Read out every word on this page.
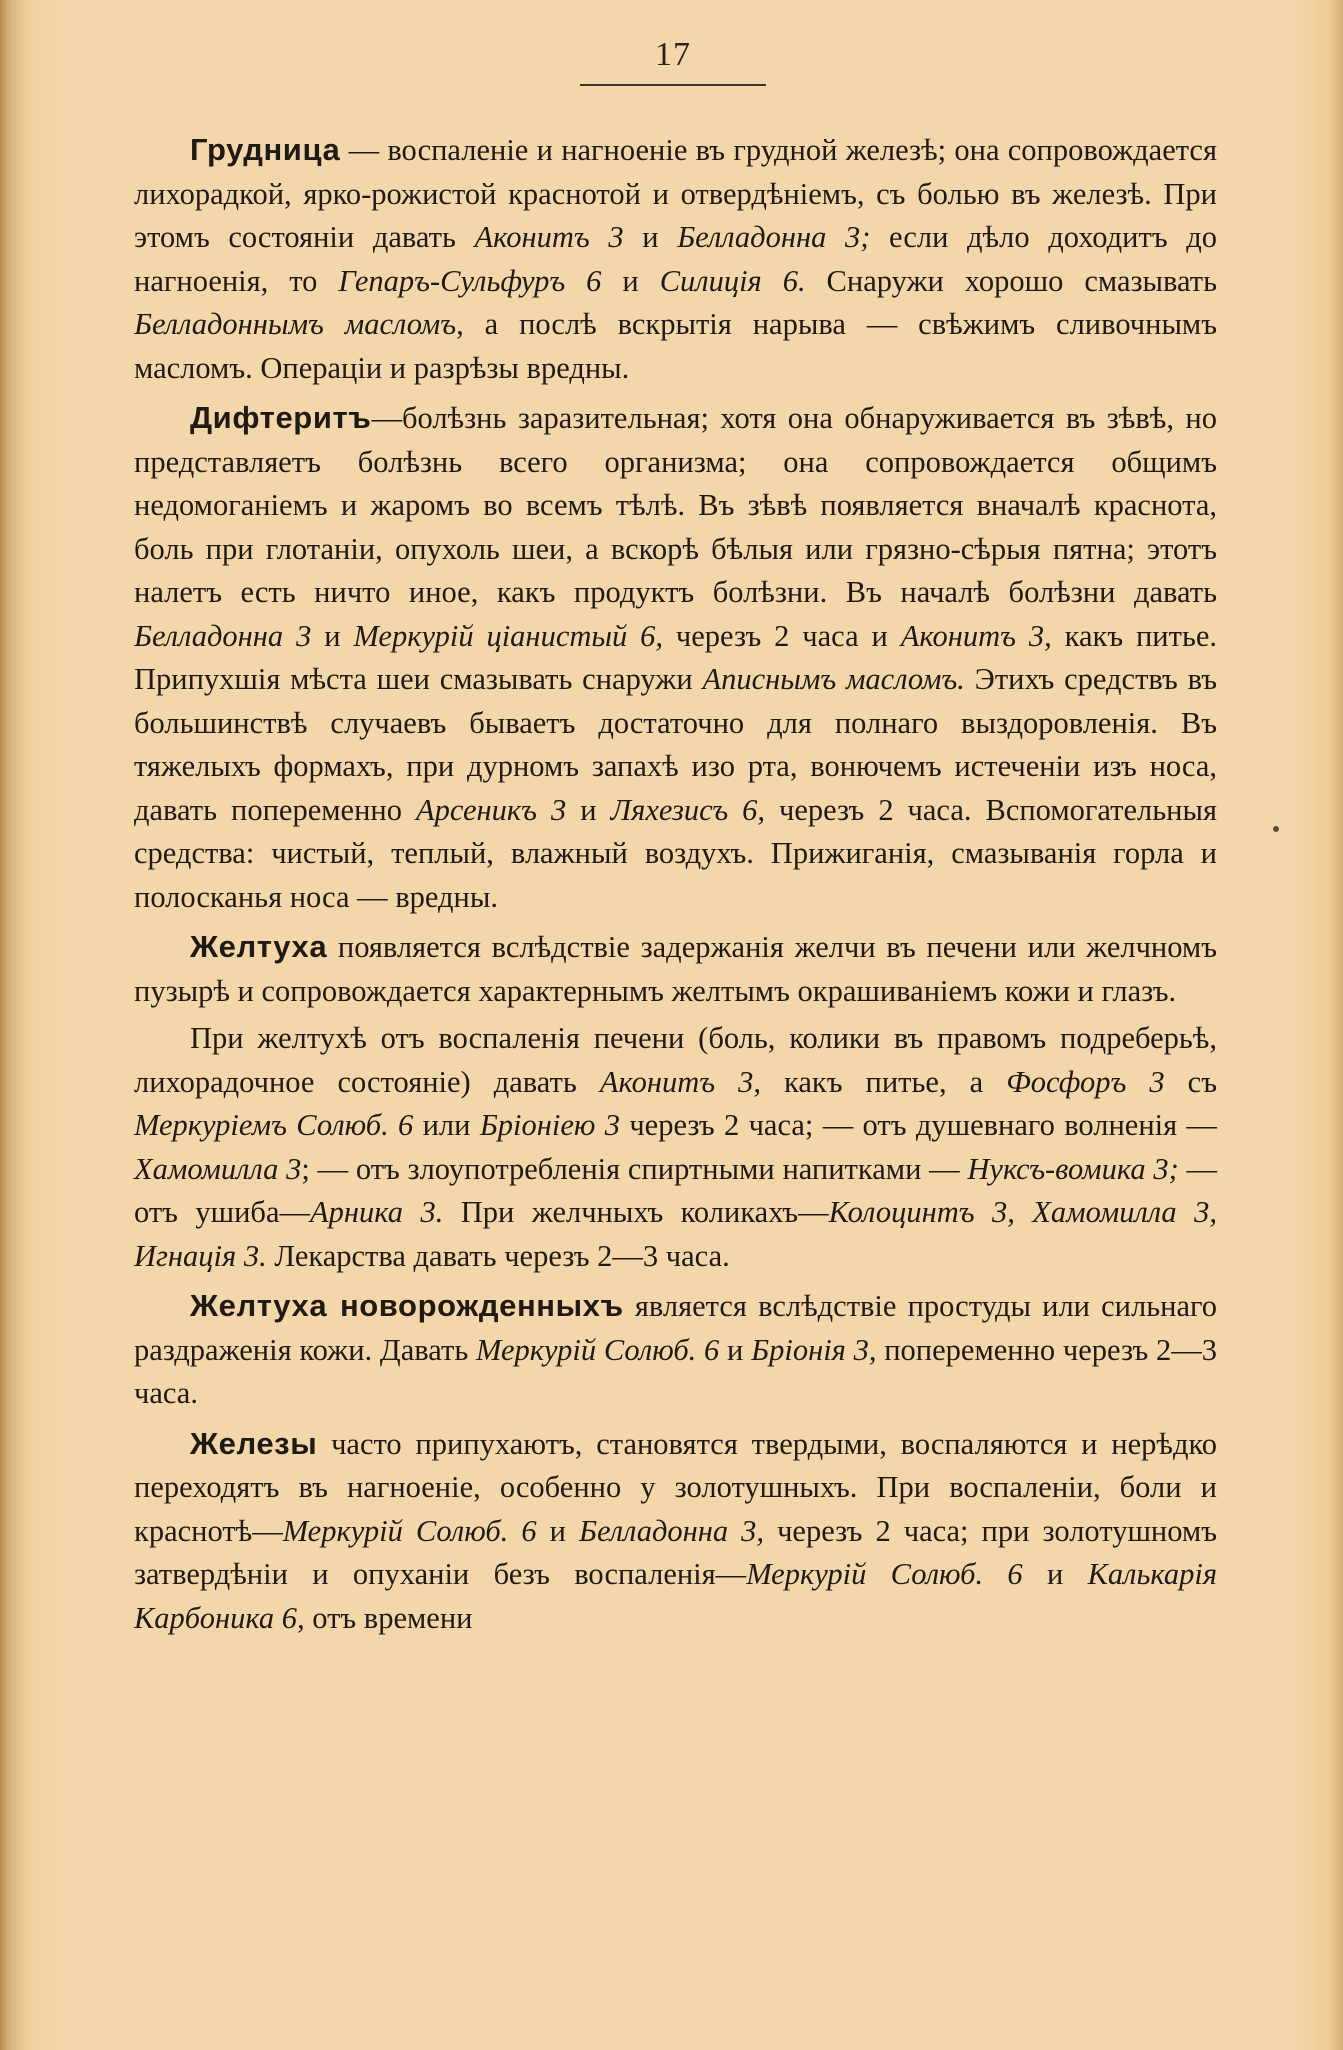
17

Грудница — воспаленіе и нагноеніе въ грудной железѣ; она сопровождается лихорадкой, ярко-рожистой краснотой и отвердѣніемъ, съ болью въ железѣ. При этомъ состояніи давать Аконитъ 3 и Белладонна 3; если дѣло доходитъ до нагноенія, то Гепаръ-Сульфуръ 6 и Силиція 6. Снаружи хорошо смазывать Белладоннымъ масломъ, а послѣ вскрытія нарыва — свѣжимъ сливочнымъ масломъ. Операціи и разрѣзы вредны.

Дифтеритъ—болѣзнь заразительная; хотя она обнаруживается въ зѣвѣ, но представляетъ болѣзнь всего организма; она сопровождается общимъ недомоганіемъ и жаромъ во всемъ тѣлѣ. Въ зѣвѣ появляется вначалѣ краснота, боль при глотаніи, опухоль шеи, а вскорѣ бѣлыя или грязно-сѣрыя пятна; этотъ налетъ есть ничто иное, какъ продуктъ болѣзни. Въ началѣ болѣзни давать Белладонна 3 и Меркурій ціанистый 6, черезъ 2 часа и Аконитъ 3, какъ питье. Припухшія мѣста шеи смазывать снаружи Аписнымъ масломъ. Этихъ средствъ въ большинствѣ случаевъ бываетъ достаточно для полнаго выздоровленія. Въ тяжелыхъ формахъ, при дурномъ запахѣ изо рта, вонючемъ истеченіи изъ носа, давать попеременно Арсеникъ 3 и Ляхезисъ 6, черезъ 2 часа. Вспомогательныя средства: чистый, теплый, влажный воздухъ. Прижиганія, смазыванія горла и полосканья носа — вредны.

Желтуха появляется вслѣдствіе задержанія желчи въ печени или желчномъ пузырѣ и сопровождается характернымъ желтымъ окрашиваніемъ кожи и глазъ.

При желтухѣ отъ воспаленія печени (боль, колики въ правомъ подреберьѣ, лихорадочное состояніе) давать Аконитъ 3, какъ питье, а Фосфоръ 3 съ Меркуріемъ Солюб. 6 или Бріоніею 3 черезъ 2 часа; — отъ душевнаго волненія — Хамомилла 3; — отъ злоупотребленія спиртными напитками — Нуксъ-вомика 3; — отъ ушиба—Арника 3. При желчныхъ коликахъ—Колоцинтъ 3, Хамомилла 3, Игнація 3. Лекарства давать черезъ 2—3 часа.

Желтуха новорожденныхъ является вслѣдствіе простуды или сильнаго раздраженія кожи. Давать Меркурій Солюб. 6 и Бріонія 3, попеременно черезъ 2—3 часа.

Железы часто припухаютъ, становятся твердыми, воспаляются и нерѣдко переходятъ въ нагноеніе, особенно у золотушныхъ. При воспаленіи, боли и краснотѣ—Меркурій Солюб. 6 и Белладонна 3, черезъ 2 часа; при золотушномъ затвердѣніи и опуханіи безъ воспаленія—Меркурій Солюб. 6 и Калькарія Карбоника 6, отъ времени
